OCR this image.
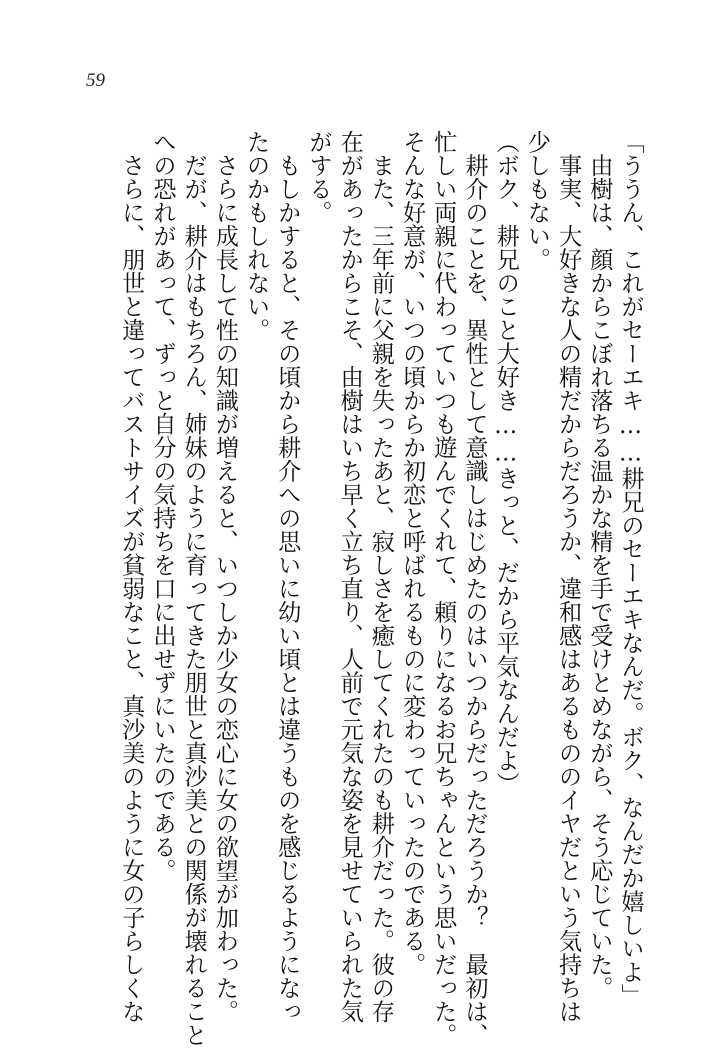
59
「ううん、これがセーエキ……耕兄のセーエキなんだ。ボク、なんだか嬉しいよ」
　由樹は、顔からこぼれ落ちる温かな精を手で受けとめながら、そう応じていた。
　事実、大好きな人の精だからだろうか、違和感はあるもののイヤだという気持ちは
少しもない。
（ボク、耕兄のこと大好き……きっと、だから平気なんだよ）
　耕介のことを、異性として意識しはじめたのはいつからだっただろうか？　最初は、
忙しい両親に代わっていつも遊んでくれて、頼りになるお兄ちゃんという思いだった。
そんな好意が、いつの頃からか初恋と呼ばれるものに変わっていったのである。
　また、三年前に父親を失ったあと、寂しさを癒してくれたのも耕介だった。彼の存
在があったからこそ、由樹はいち早く立ち直り、人前で元気な姿を見せていられた気
がする。
　もしかすると、その頃から耕介への思いに幼い頃とは違うものを感じるようになっ
たのかもしれない。
　さらに成長して性の知識が増えると、いつしか少女の恋心に女の欲望が加わった。
　だが、耕介はもちろん、姉妹のように育ってきた朋世と真沙美との関係が壊れること
への恐れがあって、ずっと自分の気持ちを口に出せずにいたのである。
　さらに、朋世と違ってバストサイズが貧弱なこと、真沙美のように女の子らしくな
